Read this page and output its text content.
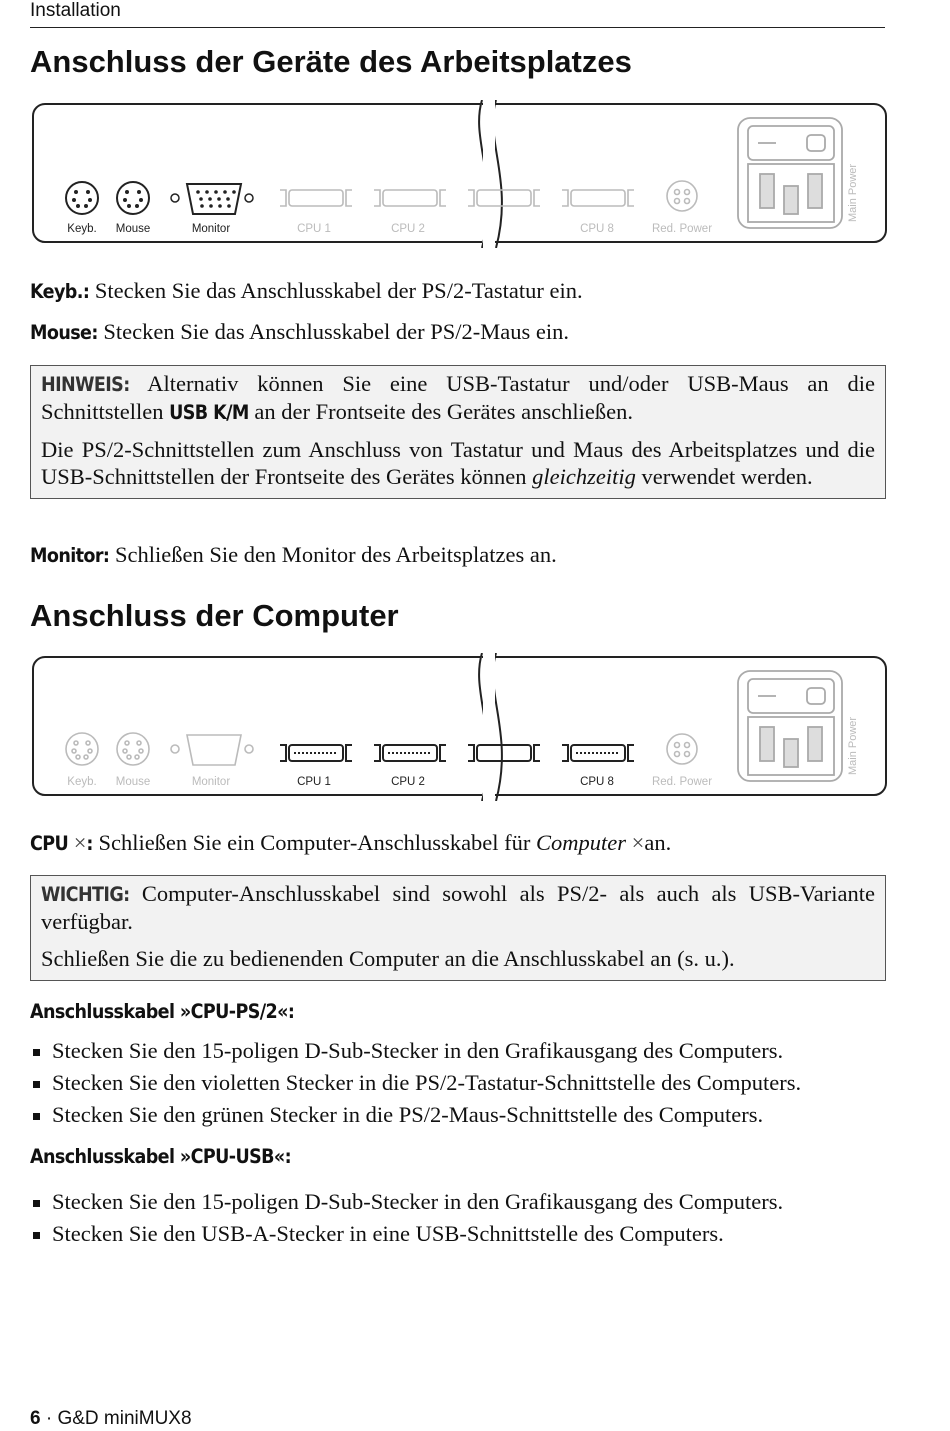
Installation
Anschluss der Geräte des Arbeitsplatzes
Keyb. Mouse	Monitor	CPU 1	CPU 2	CPU 8	Red. Power
Main Power
Keyb.: Stecken Sie das Anschlusskabel der PS/2-Tastatur ein.
Mouse: Stecken Sie das Anschlusskabel der PS/2-Maus ein.

HINWEIS: Alternativ können Sie eine USB-Tastatur und/oder USB-Maus an die Schnittstellen USB K/M an der Frontseite des Gerätes anschließen.

Die PS/2-Schnittstellen zum Anschluss von Tastatur und Maus des Arbeitsplatzes und die USB-Schnittstellen der Frontseite des Gerätes können gleichzeitig verwendet werden.

Monitor: Schließen Sie den Monitor des Arbeitsplatzes an.
Anschluss der Computer
Keyb. Mouse	Monitor	CPU 1	CPU 2	CPU 8	Red. Power
Main Power
CPU ×: Schließen Sie ein Computer-Anschlusskabel für Computer ×an.

WICHTIG: Computer-Anschlusskabel sind sowohl als PS/2- als auch als USB-Variante verfügbar.

Schließen Sie die zu bedienenden Computer an die Anschlusskabel an (s. u.).

Anschlusskabel »CPU-PS/2«:
Stecken Sie den 15-poligen D-Sub-Stecker in den Grafikausgang des Computers.
Stecken Sie den violetten Stecker in die PS/2-Tastatur-Schnittstelle des Computers.
Stecken Sie den grünen Stecker in die PS/2-Maus-Schnittstelle des Computers.
Anschlusskabel »CPU-USB«:
Stecken Sie den 15-poligen D-Sub-Stecker in den Grafikausgang des Computers.
Stecken Sie den USB-A-Stecker in eine USB-Schnittstelle des Computers.
6 · G&D miniMUX8
